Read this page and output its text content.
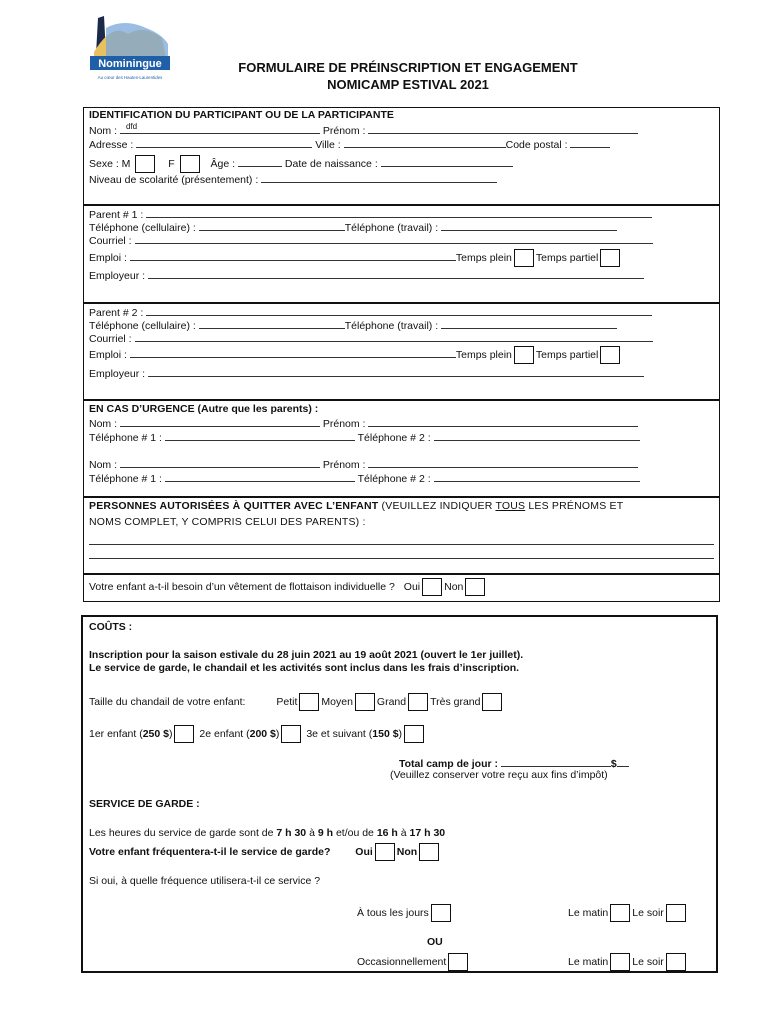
Nominingue
Au cœur des Hautes-Laurentides
FORMULAIRE DE PRÉINSCRIPTION ET ENGAGEMENT
NOMICAMP ESTIVAL 2021
IDENTIFICATION DU PARTICIPANT OU DE LA PARTICIPANTE
Nom : dfd	Prénom :
Adresse :	Ville :	Code postal :
Sexe : M	F	Âge :	Date de naissance :
Niveau de scolarité (présentement) :
Parent # 1 :
Téléphone (cellulaire) :	Téléphone (travail) :
Courriel :
Emploi :	Temps plein Temps partiel
Employeur :
Parent # 2 :
Téléphone (cellulaire) :	Téléphone (travail) :
Courriel :
Emploi :	Temps plein Temps partiel
Employeur :
EN CAS D’URGENCE (Autre que les parents) :
Nom :	Prénom :
Téléphone # 1 :	Téléphone # 2 :
Nom :	Prénom :
Téléphone # 1 :	Téléphone # 2 :
PERSONNES AUTORISÉES À QUITTER AVEC L’ENFANT (VEUILLEZ INDIQUER TOUS LES PRÉNOMS ET
NOMS COMPLET, Y COMPRIS CELUI DES PARENTS) :
Votre enfant a-t-il besoin d’un vêtement de flottaison individuelle ? Oui Non
COÛTS :
Inscription pour la saison estivale du 28 juin 2021 au 19 août 2021 (ouvert le 1er juillet).
Le service de garde, le chandail et les activités sont inclus dans les frais d’inscription.
Taille du chandail de votre enfant:	Petit Moyen Grand Très grand
1er enfant (250 $)	2e enfant (200 $)	3e et suivant (150 $)
Total camp de jour :	$
(Veuillez conserver votre reçu aux fins d’impôt)
SERVICE DE GARDE :
Les heures du service de garde sont de 7 h 30 à 9 h et/ou de 16 h à 17 h 30
Votre enfant fréquentera-t-il le service de garde? Oui Non
Si oui, à quelle fréquence utilisera-t-il ce service ?
À tous les jours	Le matin Le soir
OU
Occasionnellement	Le matin Le soir
